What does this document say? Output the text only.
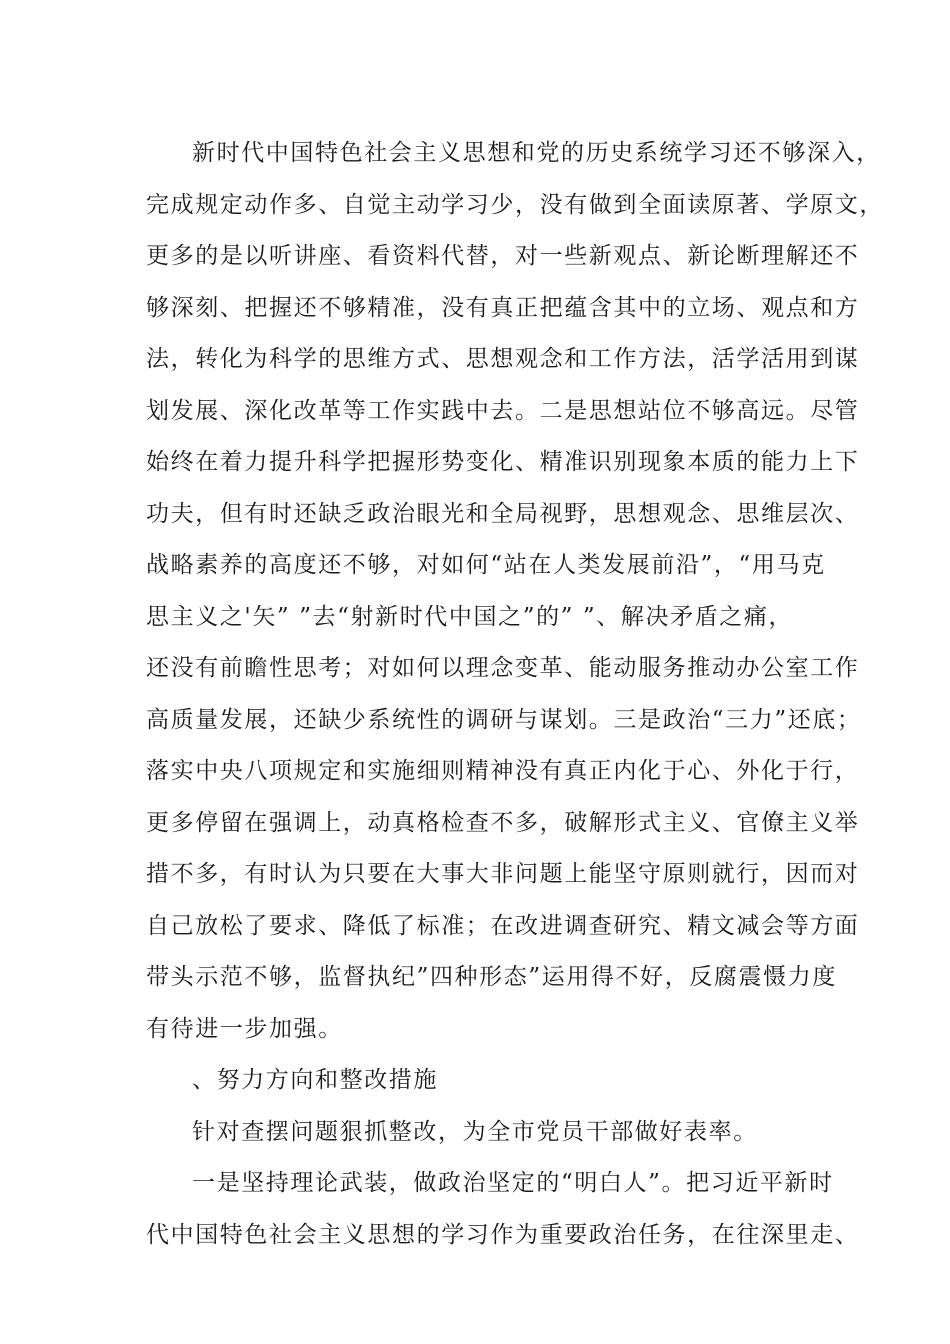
新时代中国特色社会主义思想和党的历史系统学习还不够深入，
完成规定动作多、自觉主动学习少，没有做到全面读原著、学原文，
更多的是以听讲座、看资料代替，对一些新观点、新论断理解还不
够深刻、把握还不够精准，没有真正把蕴含其中的立场、观点和方
法，转化为科学的思维方式、思想观念和工作方法，活学活用到谋
划发展、深化改革等工作实践中去。二是思想站位不够高远。尽管
始终在着力提升科学把握形势变化、精准识别现象本质的能力上下
功夫，但有时还缺乏政治眼光和全局视野，思想观念、思维层次、
战略素养的高度还不够，对如何“站在人类发展前沿”，“用马克
思主义之'矢” ”去“射新时代中国之”的” ”、解决矛盾之痛，
还没有前瞻性思考；对如何以理念变革、能动服务推动办公室工作
高质量发展，还缺少系统性的调研与谋划。三是政治“三力”还底；
落实中央八项规定和实施细则精神没有真正内化于心、外化于行，
更多停留在强调上，动真格检查不多，破解形式主义、官僚主义举
措不多，有时认为只要在大事大非问题上能坚守原则就行，因而对
自己放松了要求、降低了标准；在改进调查研究、精文减会等方面
带头示范不够，监督执纪”四种形态”运用得不好，反腐震慑力度
有待进一步加强。
、努力方向和整改措施
针对查摆问题狠抓整改，为全市党员干部做好表率。
一是坚持理论武装，做政治坚定的“明白人”。把习近平新时
代中国特色社会主义思想的学习作为重要政治任务，在往深里走、
